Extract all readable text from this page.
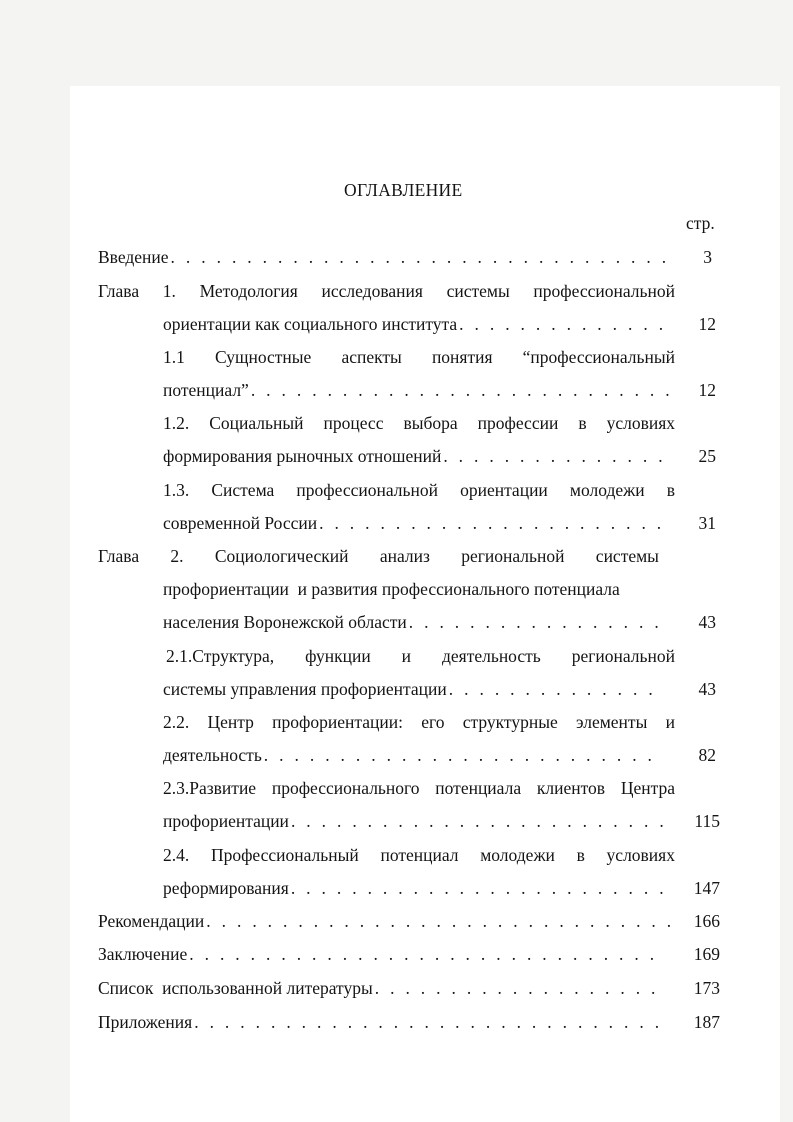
ОГЛАВЛЕНИЕ
стр.
Введение . . .	3
Глава 1. Методология исследования системы профессиональной
ориентации как социального института . . .	12
1.1 Сущностные аспекты понятия “профессиональный
потенциал” . . .	12
1.2. Социальный процесс выбора профессии в условиях
формирования рыночных отношений . . .	25
1.3. Система профессиональной ориентации молодежи в
современной России . . .	31
Глава 2. Социологический анализ региональной системы
профориентации  и развития профессионального потенциала
населения Воронежской области . . .	43
2.1.Структура, функции и деятельность региональной
системы управления профориентации . . .	43
2.2. Центр профориентации: его структурные элементы и
деятельность . . .	82
2.3.Развитие профессионального потенциала клиентов Центра
профориентации . . .	115
2.4. Профессиональный потенциал молодежи в условиях
реформирования . . .	147
Рекомендации . . .	166
Заключение . . .	169
Список  использованной литературы . . .	173
Приложения . . .	187
